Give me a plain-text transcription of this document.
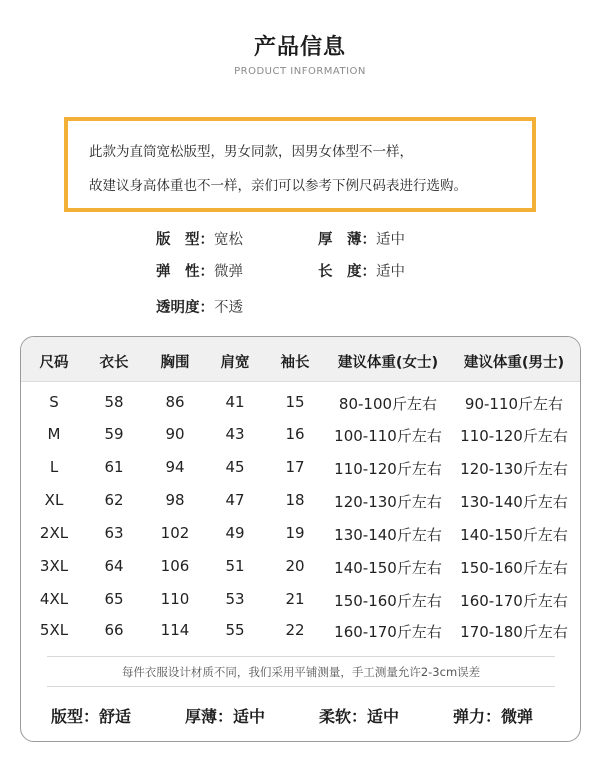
产品信息
PRODUCT INFORMATION

此款为直筒宽松版型，男女同款，因男女体型不一样，

故建议身高体重也不一样，亲们可以参考下例尺码表进行选购。

版　型：宽松	厚　薄：适中
弹　性：微弹	长　度：适中
透明度：不透
尺码	衣长	胸围	肩宽	袖长	建议体重(女士)	建议体重(男士)
S	58	86	41	15	80-100斤左右	90-110斤左右
M	59	90	43	16	100-110斤左右	110-120斤左右
L	61	94	45	17	110-120斤左右	120-130斤左右
XL	62	98	47	18	120-130斤左右	130-140斤左右
2XL	63	102	49	19	130-140斤左右	140-150斤左右
3XL	64	106	51	20	140-150斤左右	150-160斤左右
4XL	65	110	53	21	150-160斤左右	160-170斤左右
5XL	66	114	55	22	160-170斤左右	170-180斤左右
每件衣服设计材质不同，我们采用平铺测量，手工测量允许2-3cm误差
版型：舒适	厚薄：适中	柔软：适中	弹力：微弹
